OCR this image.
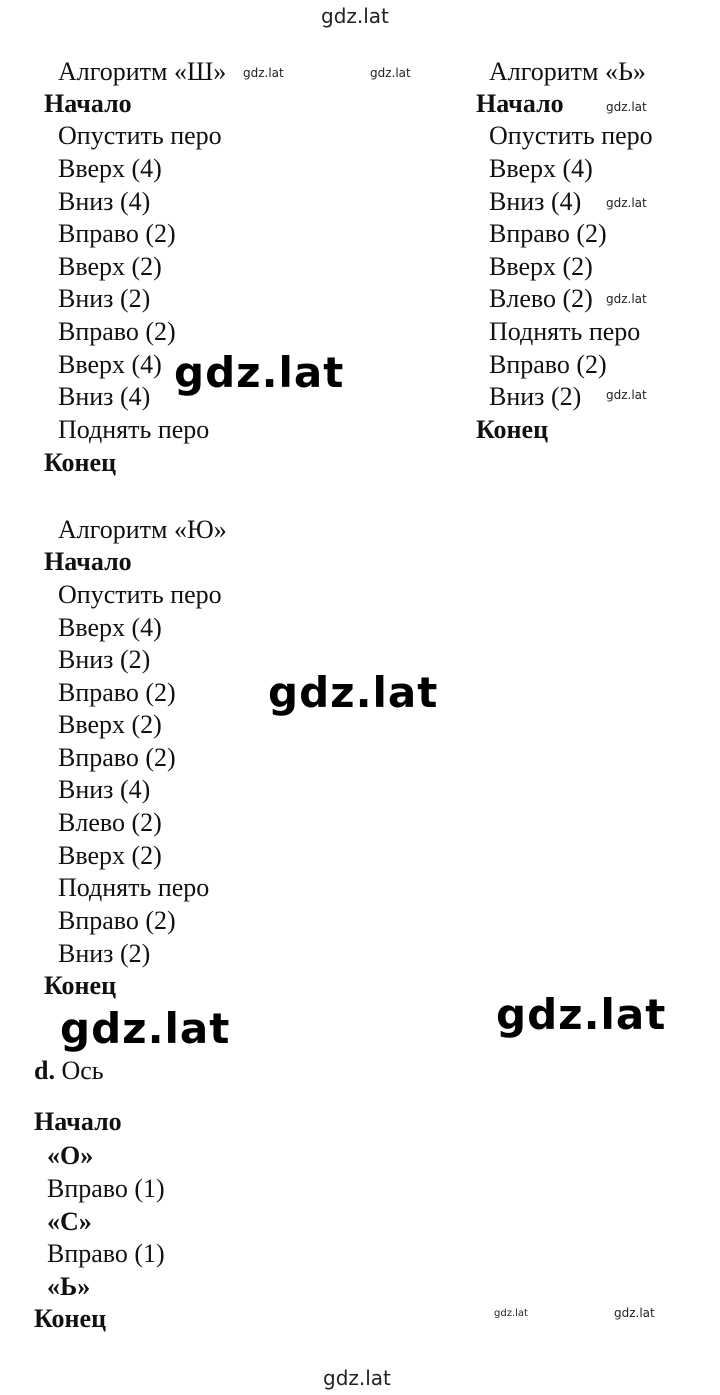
gdz.lat
gdz.lat	gdz.lat
gdz.lat
gdz.lat
gdz.lat
gdz.lat
gdz.lat
gdz.lat
gdz.lat	gdz.lat
gdz.lat	gdz.lat
gdz.lat
Алгоритм «Ш»
Начало
Опустить перо
Вверх (4)
Вниз (4)
Вправо (2)
Вверх (2)
Вниз (2)
Вправо (2)
Вверх (4)
Вниз (4)
Поднять перо
Конец
Алгоритм «Ь»
Начало
Опустить перо
Вверх (4)
Вниз (4)
Вправо (2)
Вверх (2)
Влево (2)
Поднять перо
Вправо (2)
Вниз (2)
Конец
Алгоритм «Ю»
Начало
Опустить перо
Вверх (4)
Вниз (2)
Вправо (2)
Вверх (2)
Вправо (2)
Вниз (4)
Влево (2)
Вверх (2)
Поднять перо
Вправо (2)
Вниз (2)
Конец
d. Ось
Начало
«О»
Вправо (1)
«С»
Вправо (1)
«Ь»
Конец
